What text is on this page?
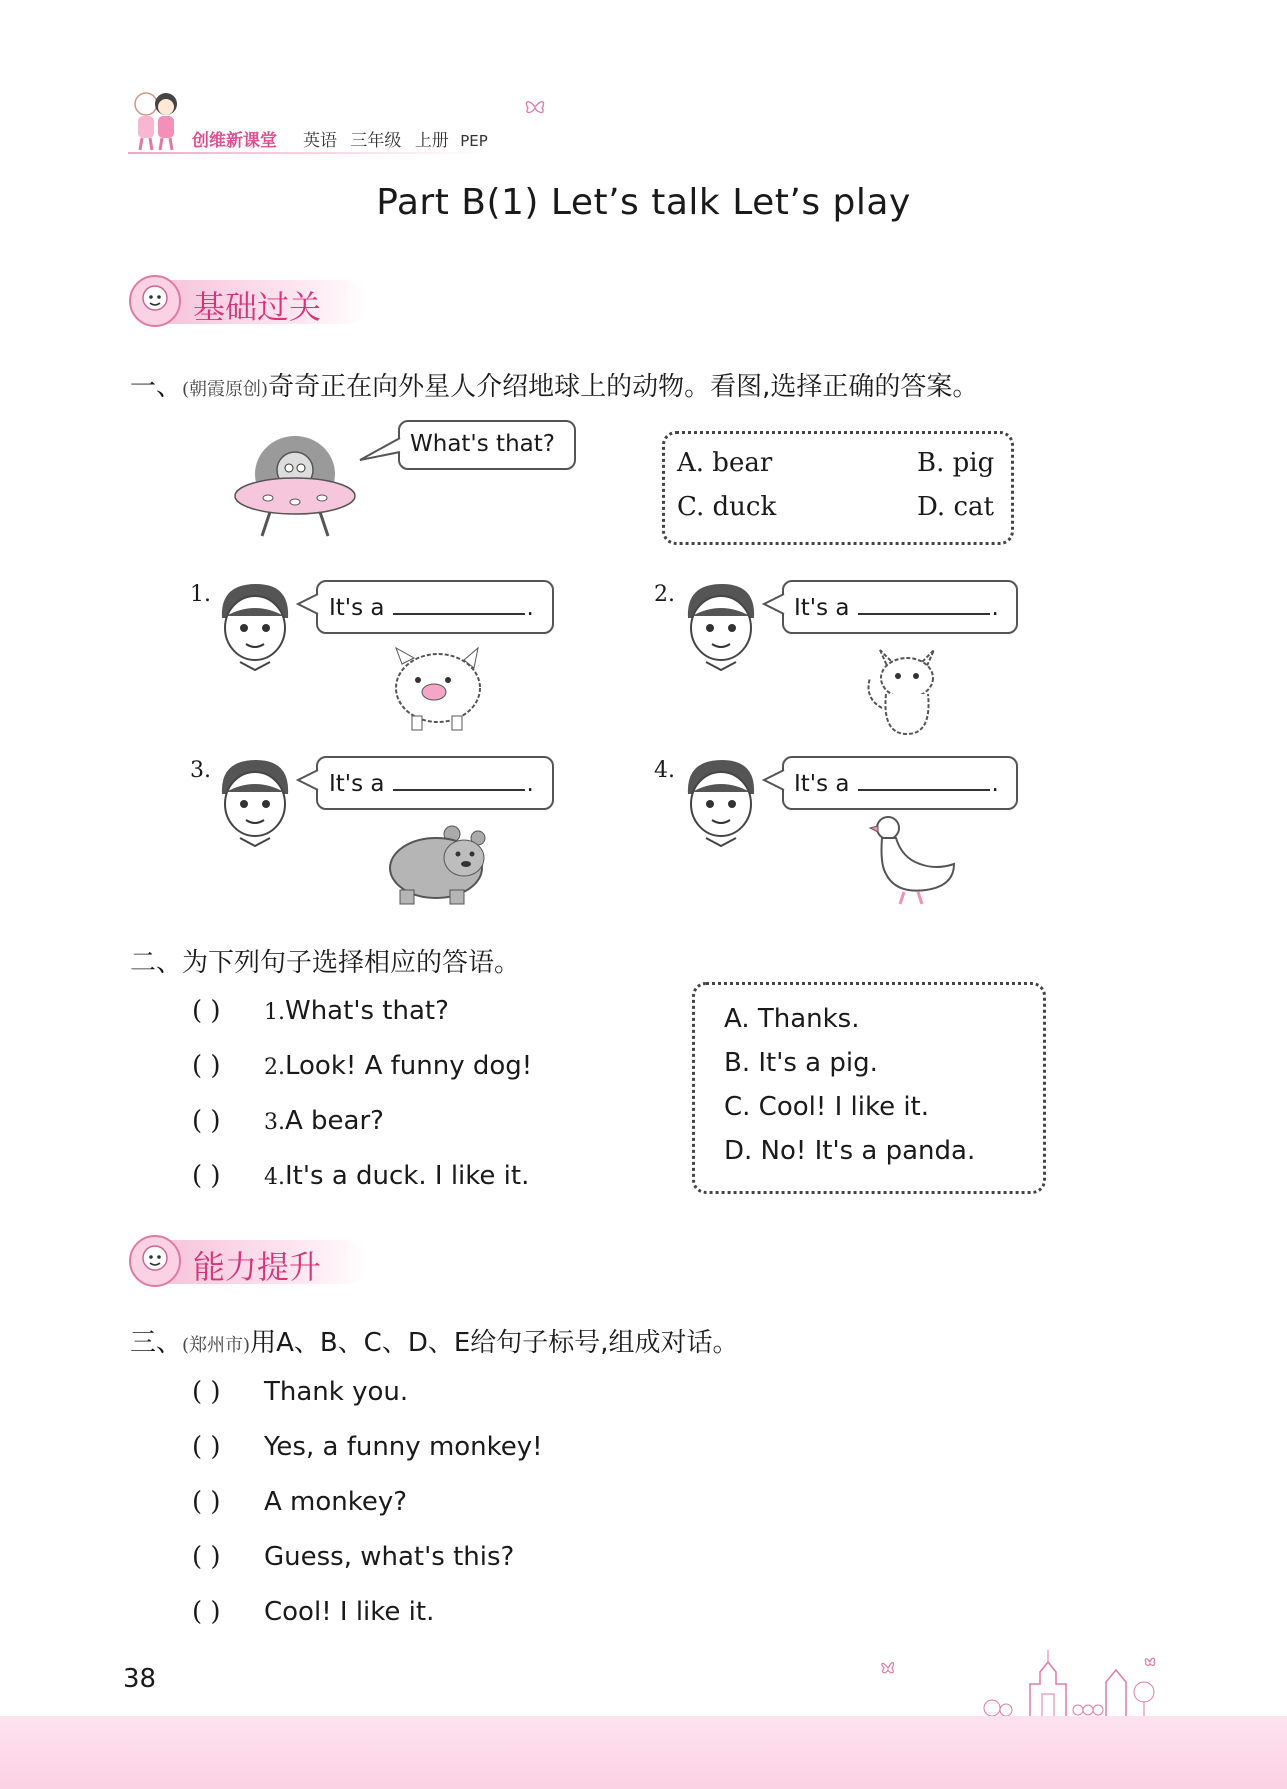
创维新课堂 英语 三年级 上册 PEP
Part B(1) Let’s talk Let’s play
基础过关
一、(朝霞原创)奇奇正在向外星人介绍地球上的动物。看图,选择正确的答案。
What's that?
A. bear	B. pig
C. duck	D. cat
1.
It's a	.
2.
It's a	.
3.
It's a	.
4.
It's a	.
二、为下列句子选择相应的答语。
( ) 1.What's that?
( ) 2.Look! A funny dog!
( ) 3.A bear?
( ) 4.It's a duck. I like it.
A. Thanks.
B. It's a pig.
C. Cool! I like it.
D. No! It's a panda.
能力提升
三、(郑州市)用A、B、C、D、E给句子标号,组成对话。
( ) Thank you.
( ) Yes, a funny monkey!
( ) A monkey?
( ) Guess, what's this?
( ) Cool! I like it.
38
